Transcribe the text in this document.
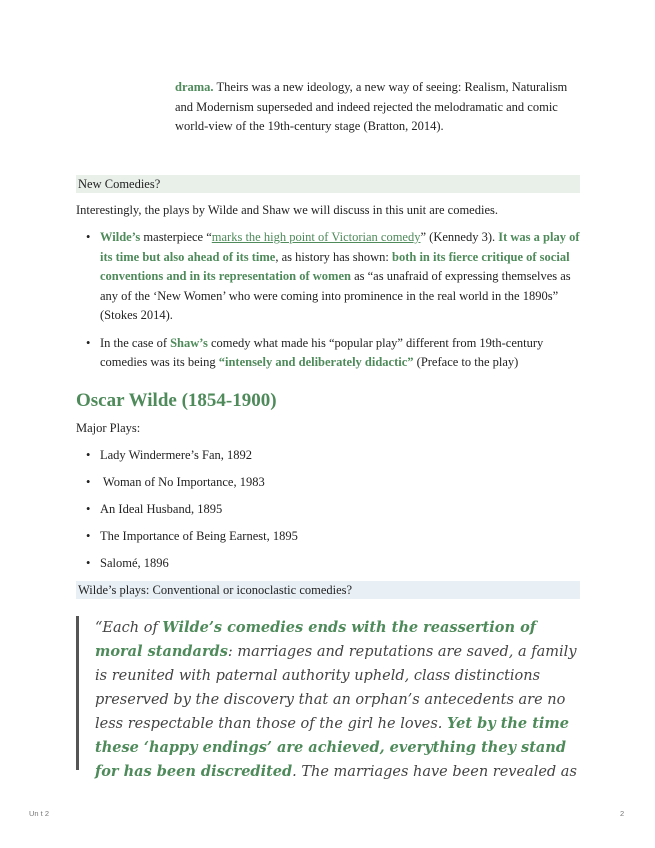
drama. Theirs was a new ideology, a new way of seeing: Realism, Naturalism and Modernism superseded and indeed rejected the melodramatic and comic world-view of the 19th-century stage (Bratton, 2014).
New Comedies?
Interestingly, the plays by Wilde and Shaw we will discuss in this unit are comedies.
• Wilde’s masterpiece “marks the high point of Victorian comedy” (Kennedy 3). It was a play of its time but also ahead of its time, as history has shown: both in its fierce critique of social conventions and in its representation of women as “as unafraid of expressing themselves as any of the ‘New Women’ who were coming into prominence in the real world in the 1890s” (Stokes 2014).
• In the case of Shaw’s comedy what made his “popular play” different from 19th-century comedies was its being “intensely and deliberately didactic” (Preface to the play)
Oscar Wilde (1854-1900)
Major Plays:
• Lady Windermere’s Fan, 1892
•  Woman of No Importance, 1983
• An Ideal Husband, 1895
• The Importance of Being Earnest, 1895
• Salomé, 1896
Wilde’s plays: Conventional or iconoclastic comedies?
“Each of Wilde’s comedies ends with the reassertion of moral standards: marriages and reputations are saved, a family is reunited with paternal authority upheld, class distinctions preserved by the discovery that an orphan’s antecedents are no less respectable than those of the girl he loves. Yet by the time these ‘happy endings’ are achieved, everything they stand for has been discredited. The marriages have been revealed as
Un t 2	2
